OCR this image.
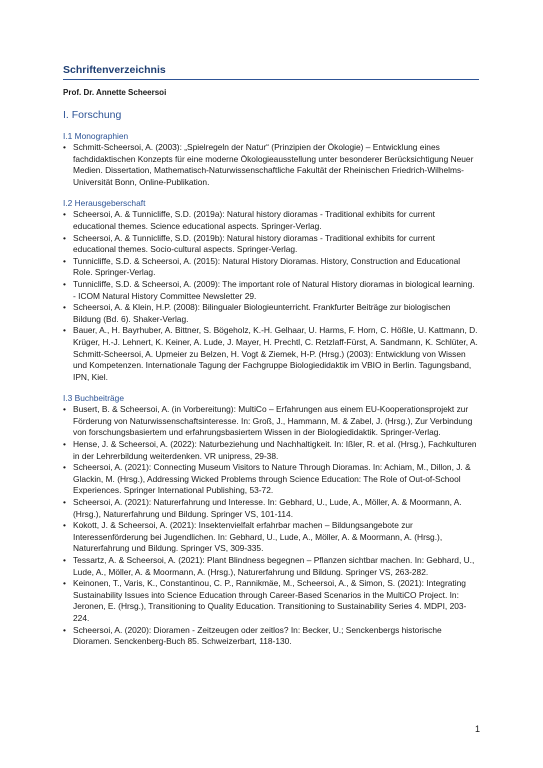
Schriftenverzeichnis
Prof. Dr. Annette Scheersoi
I. Forschung
I.1 Monographien
• Schmitt-Scheersoi, A. (2003): „Spielregeln der Natur“ (Prinzipien der Ökologie) – Entwicklung eines fachdidaktischen Konzepts für eine moderne Ökologieausstellung unter besonderer Berücksichtigung Neuer Medien. Dissertation, Mathematisch-Naturwissenschaftliche Fakultät der Rheinischen Friedrich-Wilhelms-Universität Bonn, Online-Publikation.
I.2 Herausgeberschaft
• Scheersoi, A. & Tunnicliffe, S.D. (2019a): Natural history dioramas - Traditional exhibits for current educational themes. Science educational aspects. Springer-Verlag.
• Scheersoi, A. & Tunnicliffe, S.D. (2019b): Natural history dioramas - Traditional exhibits for current educational themes. Socio-cultural aspects. Springer-Verlag.
• Tunnicliffe, S.D. & Scheersoi, A. (2015): Natural History Dioramas. History, Construction and Educational Role. Springer-Verlag.
• Tunnicliffe, S.D. & Scheersoi, A. (2009): The important role of Natural History dioramas in biological learning. - ICOM Natural History Committee Newsletter 29.
• Scheersoi, A. & Klein, H.P. (2008): Bilingualer Biologieunterricht. Frankfurter Beiträge zur biologischen Bildung (Bd. 6). Shaker-Verlag.
• Bauer, A., H. Bayrhuber, A. Bittner, S. Bögeholz, K.-H. Gelhaar, U. Harms, F. Horn, C. Hößle, U. Kattmann, D. Krüger, H.-J. Lehnert, K. Keiner, A. Lude, J. Mayer, H. Prechtl, C. Retzlaff-Fürst, A. Sandmann, K. Schlüter, A. Schmitt-Scheersoi, A. Upmeier zu Belzen, H. Vogt & Ziemek, H-P. (Hrsg.) (2003): Entwicklung von Wissen und Kompetenzen. Internationale Tagung der Fachgruppe Biologiedidaktik im VBIO in Berlin. Tagungsband, IPN, Kiel.
I.3 Buchbeiträge
• Busert, B. & Scheersoi, A. (in Vorbereitung): MultiCo – Erfahrungen aus einem EU-Kooperationsprojekt zur Förderung von Naturwissenschaftsinteresse. In: Groß, J., Hammann, M. & Zabel, J. (Hrsg.), Zur Verbindung von forschungsbasiertem und erfahrungsbasiertem Wissen in der Biologiedidaktik. Springer-Verlag.
• Hense, J. & Scheersoi, A. (2022): Naturbeziehung und Nachhaltigkeit. In: Ißler, R. et al. (Hrsg.), Fachkulturen in der Lehrerbildung weiterdenken. VR unipress, 29-38.
• Scheersoi, A. (2021): Connecting Museum Visitors to Nature Through Dioramas. In: Achiam, M., Dillon, J. & Glackin, M. (Hrsg.), Addressing Wicked Problems through Science Education: The Role of Out-of-School Experiences. Springer International Publishing, 53-72.
• Scheersoi, A. (2021): Naturerfahrung und Interesse. In: Gebhard, U., Lude, A., Möller, A. & Moormann, A. (Hrsg.), Naturerfahrung und Bildung. Springer VS, 101-114.
• Kokott, J. & Scheersoi, A. (2021): Insektenvielfalt erfahrbar machen – Bildungsangebote zur Interessenförderung bei Jugendlichen. In: Gebhard, U., Lude, A., Möller, A. & Moormann, A. (Hrsg.), Naturerfahrung und Bildung. Springer VS, 309-335.
• Tessartz, A. & Scheersoi, A. (2021): Plant Blindness begegnen – Pflanzen sichtbar machen. In: Gebhard, U., Lude, A., Möller, A. & Moormann, A. (Hrsg.), Naturerfahrung und Bildung. Springer VS, 263-282.
• Keinonen, T., Varis, K., Constantinou, C. P., Rannikmäe, M., Scheersoi, A., & Simon, S. (2021): Integrating Sustainability Issues into Science Education through Career-Based Scenarios in the MultiCO Project. In: Jeronen, E. (Hrsg.), Transitioning to Quality Education. Transitioning to Sustainability Series 4. MDPI, 203-224.
• Scheersoi, A. (2020): Dioramen - Zeitzeugen oder zeitlos? In: Becker, U.; Senckenbergs historische Dioramen. Senckenberg-Buch 85. Schweizerbart, 118-130.
1
